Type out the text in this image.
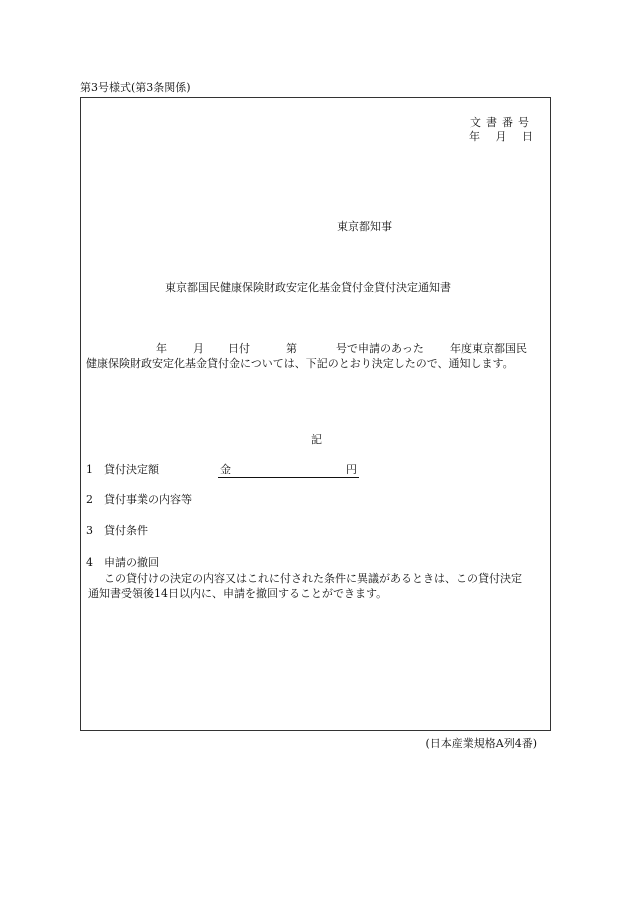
第3号様式(第3条関係)
文書番号
年 月 日
東京都知事
東京都国民健康保険財政安定化基金貸付金貸付決定通知書
年 月 日付	第	号で申請のあった 年度東京都国民
健康保険財政安定化基金貸付金については、下記のとおり決定したので、通知します。
記
1 貸付決定額	金	円
2 貸付事業の内容等
3 貸付条件
4 申請の撤回
この貸付けの決定の内容又はこれに付された条件に異議があるときは、この貸付決定
通知書受領後14日以内に、申請を撤回することができます。
(日本産業規格A列4番)
